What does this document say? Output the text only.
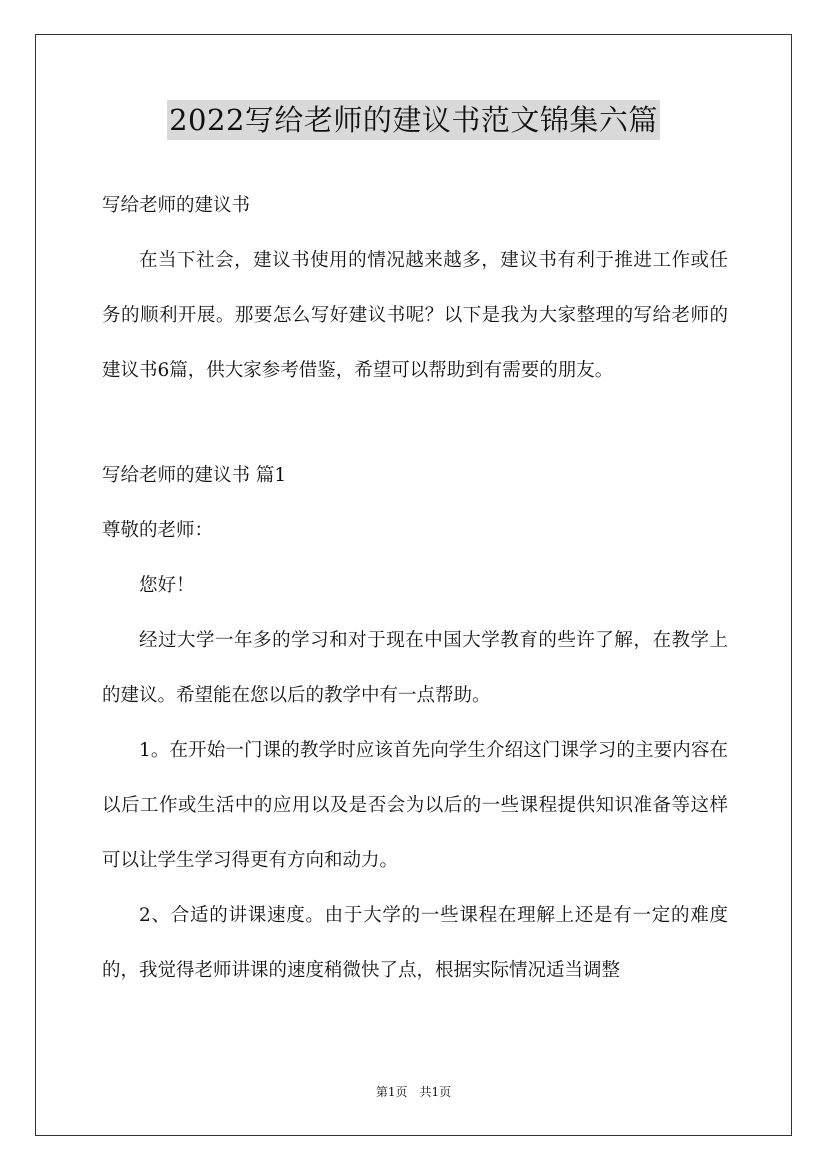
2022写给老师的建议书范文锦集六篇

写给老师的建议书

在当下社会，建议书使用的情况越来越多，建议书有利于推进工作或任务的顺利开展。那要怎么写好建议书呢？以下是我为大家整理的写给老师的建议书6篇，供大家参考借鉴，希望可以帮助到有需要的朋友。

写给老师的建议书 篇1

尊敬的老师：

您好！

经过大学一年多的学习和对于现在中国大学教育的些许了解，在教学上的建议。希望能在您以后的教学中有一点帮助。

1。在开始一门课的教学时应该首先向学生介绍这门课学习的主要内容在以后工作或生活中的应用以及是否会为以后的一些课程提供知识准备等这样可以让学生学习得更有方向和动力。

2、合适的讲课速度。由于大学的一些课程在理解上还是有一定的难度的，我觉得老师讲课的速度稍微快了点，根据实际情况适当调整

第1页 共1页
